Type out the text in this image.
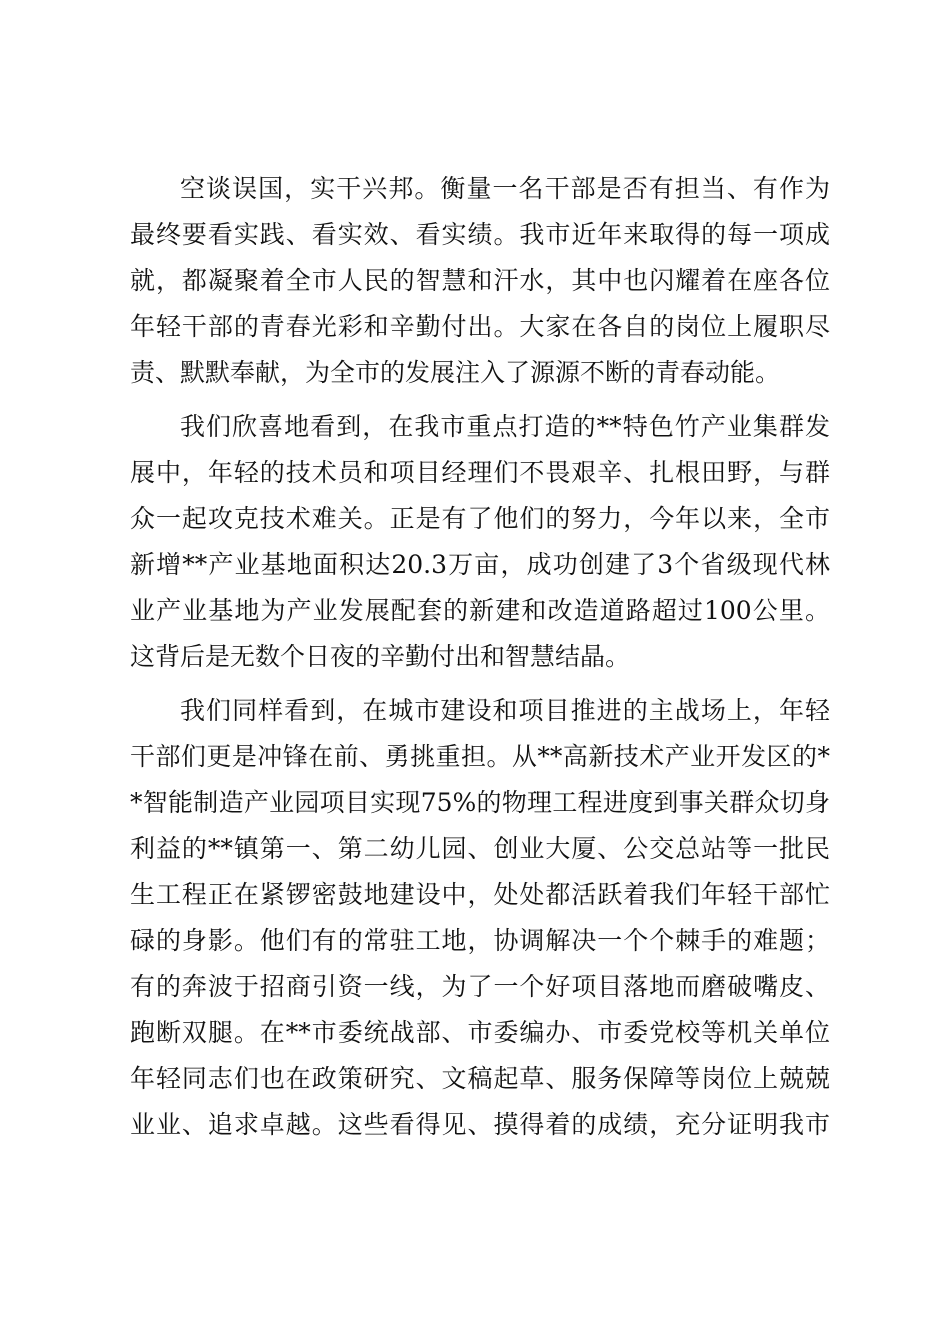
空谈误国，实干兴邦。衡量一名干部是否有担当、有作为
最终要看实践、看实效、看实绩。我市近年来取得的每一项成
就，都凝聚着全市人民的智慧和汗水，其中也闪耀着在座各位
年轻干部的青春光彩和辛勤付出。大家在各自的岗位上履职尽
责、默默奉献，为全市的发展注入了源源不断的青春动能。
我们欣喜地看到，在我市重点打造的**特色竹产业集群发
展中，年轻的技术员和项目经理们不畏艰辛、扎根田野，与群
众一起攻克技术难关。正是有了他们的努力，今年以来，全市
新增**产业基地面积达20.3万亩，成功创建了3个省级现代林
业产业基地为产业发展配套的新建和改造道路超过100公里。
这背后是无数个日夜的辛勤付出和智慧结晶。
我们同样看到，在城市建设和项目推进的主战场上，年轻
干部们更是冲锋在前、勇挑重担。从**高新技术产业开发区的*
*智能制造产业园项目实现75%的物理工程进度到事关群众切身
利益的**镇第一、第二幼儿园、创业大厦、公交总站等一批民
生工程正在紧锣密鼓地建设中，处处都活跃着我们年轻干部忙
碌的身影。他们有的常驻工地，协调解决一个个棘手的难题；
有的奔波于招商引资一线，为了一个好项目落地而磨破嘴皮、
跑断双腿。在**市委统战部、市委编办、市委党校等机关单位
年轻同志们也在政策研究、文稿起草、服务保障等岗位上兢兢
业业、追求卓越。这些看得见、摸得着的成绩，充分证明我市
